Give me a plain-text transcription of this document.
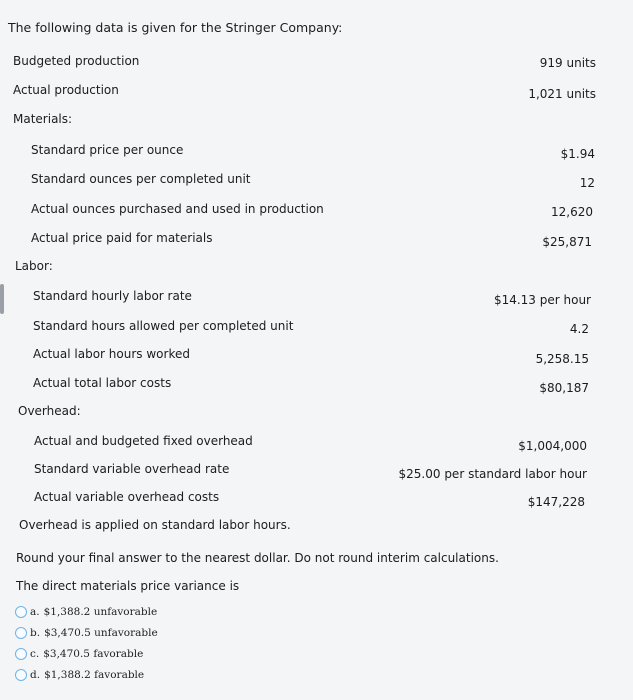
The following data is given for the Stringer Company:
Budgeted production	919 units
Actual production	1,021 units
Materials:
Standard price per ounce	$1.94
Standard ounces per completed unit	12
Actual ounces purchased and used in production	12,620
Actual price paid for materials	$25,871
Labor:
Standard hourly labor rate	$14.13 per hour
Standard hours allowed per completed unit	4.2
Actual labor hours worked	5,258.15
Actual total labor costs	$80,187
Overhead:
Actual and budgeted fixed overhead	$1,004,000
Standard variable overhead rate	$25.00 per standard labor hour
Actual variable overhead costs	$147,228
Overhead is applied on standard labor hours.
Round your final answer to the nearest dollar. Do not round interim calculations.
The direct materials price variance is
a. $1,388.2 unfavorable
b. $3,470.5 unfavorable
c. $3,470.5 favorable
d. $1,388.2 favorable
